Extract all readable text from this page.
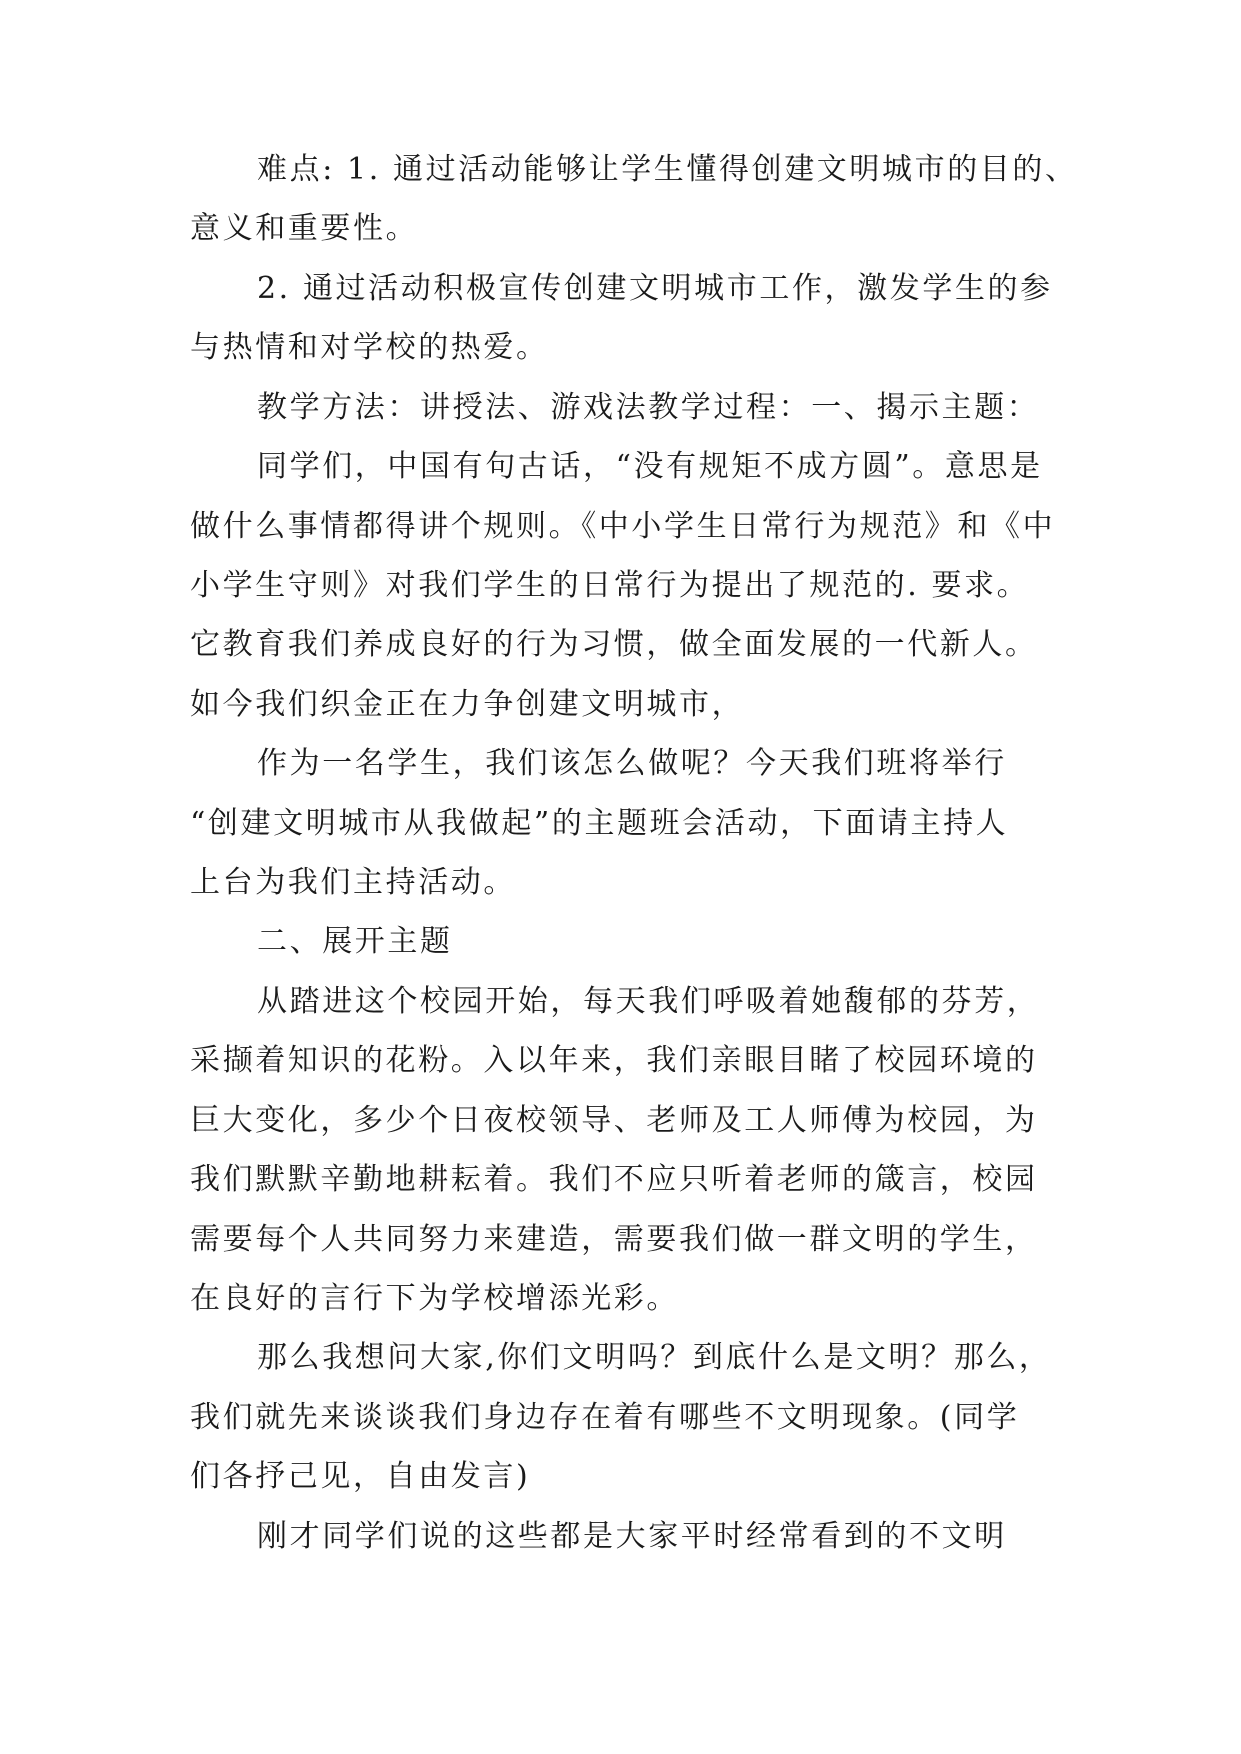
难点: 1. 通过活动能够让学生懂得创建文明城市的目的、
意义和重要性。
2. 通过活动积极宣传创建文明城市工作，激发学生的参
与热情和对学校的热爱。
教学方法：讲授法、游戏法教学过程：一、揭示主题：
同学们，中国有句古话，“没有规矩不成方圆”。意思是
做什么事情都得讲个规则。《中小学生日常行为规范》和《中
小学生守则》对我们学生的日常行为提出了规范的. 要求。
它教育我们养成良好的行为习惯，做全面发展的一代新人。
如今我们织金正在力争创建文明城市，
作为一名学生，我们该怎么做呢？今天我们班将举行
“创建文明城市从我做起”的主题班会活动，下面请主持人
上台为我们主持活动。
二、展开主题
从踏进这个校园开始，每天我们呼吸着她馥郁的芬芳，
采撷着知识的花粉。入以年来，我们亲眼目睹了校园环境的
巨大变化，多少个日夜校领导、老师及工人师傅为校园，为
我们默默辛勤地耕耘着。我们不应只听着老师的箴言，校园
需要每个人共同努力来建造，需要我们做一群文明的学生，
在良好的言行下为学校增添光彩。
那么我想问大家,你们文明吗？到底什么是文明？那么，
我们就先来谈谈我们身边存在着有哪些不文明现象。(同学
们各抒己见，自由发言)
刚才同学们说的这些都是大家平时经常看到的不文明
